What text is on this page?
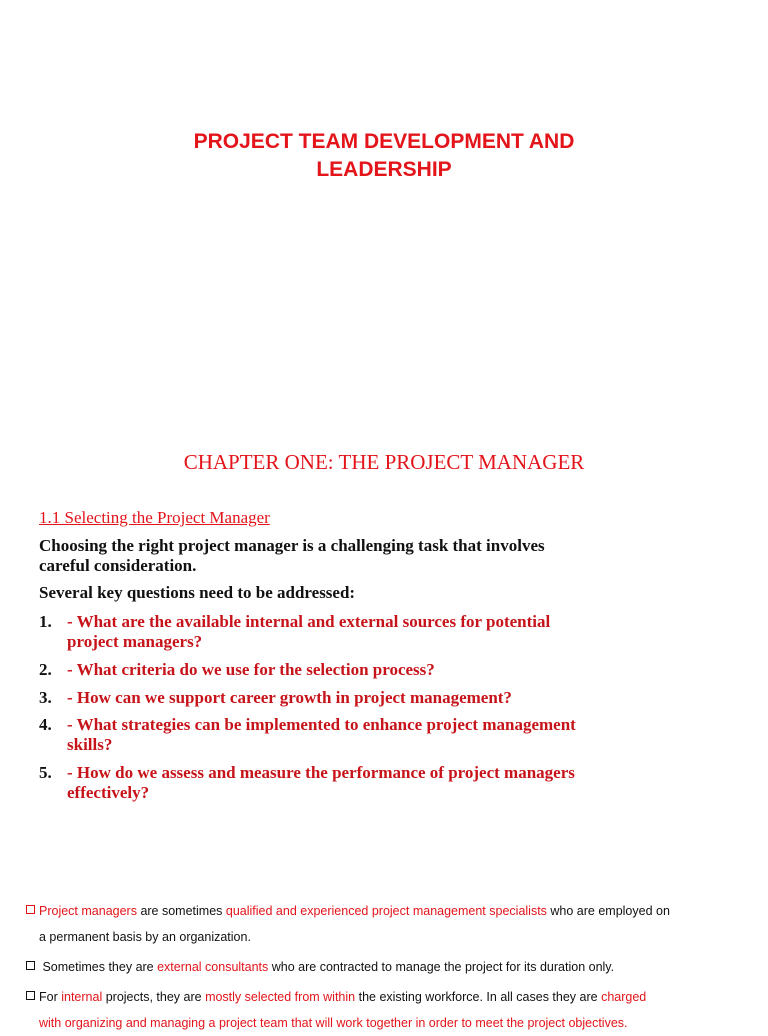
PROJECT TEAM DEVELOPMENT AND
LEADERSHIP
CHAPTER ONE: THE PROJECT MANAGER
1.1 Selecting the Project Manager
Choosing the right project manager is a challenging task that involves
careful consideration.
Several key questions need to be addressed:
1. - What are the available internal and external sources for potential
project managers?
2. - What criteria do we use for the selection process?
3. - How can we support career growth in project management?
4. - What strategies can be implemented to enhance project management
skills?
5. - How do we assess and measure the performance of project managers
effectively?
Project managers are sometimes qualified and experienced project management specialists who are employed on
a permanent basis by an organization.
Sometimes they are external consultants who are contracted to manage the project for its duration only.
For internal projects, they are mostly selected from within the existing workforce. In all cases they are charged
with organizing and managing a project team that will work together in order to meet the project objectives.
